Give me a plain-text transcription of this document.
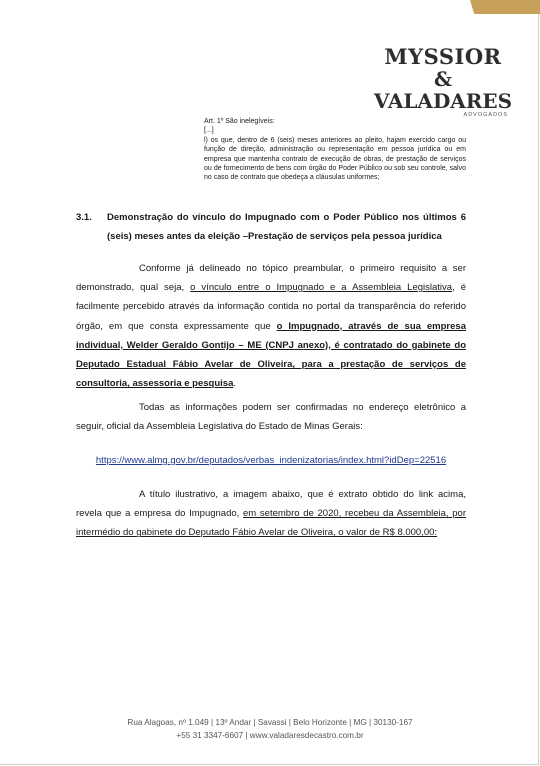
MYSSIOR
& VALADARES
ADVOGADOS

Art. 1º São inelegíveis:

[...]

l) os que, dentro de 6 (seis) meses anteriores ao pleito, hajam exercido cargo ou função de direção, administração ou representação em pessoa jurídica ou em empresa que mantenha contrato de execução de obras, de prestação de serviços ou de fornecimento de bens com órgão do Poder Público ou sob seu controle, salvo no caso de contrato que obedeça a cláusulas uniformes;

3.1. Demonstração do vínculo do Impugnado com o Poder Público nos últimos 6 (seis) meses antes da eleição –Prestação de serviços pela pessoa jurídica

Conforme já delineado no tópico preambular, o primeiro requisito a ser demonstrado, qual seja, o vínculo entre o Impugnado e a Assembleia Legislativa, é facilmente percebido através da informação contida no portal da transparência do referido órgão, em que consta expressamente que o Impugnado, através de sua empresa individual, Welder Geraldo Gontijo – ME (CNPJ anexo), é contratado do gabinete do Deputado Estadual Fábio Avelar de Oliveira, para a prestação de serviços de consultoria, assessoria e pesquisa.

Todas as informações podem ser confirmadas no endereço eletrônico a seguir, oficial da Assembleia Legislativa do Estado de Minas Gerais:

https://www.almg.gov.br/deputados/verbas_indenizatorias/index.html?idDep=22516

A título ilustrativo, a imagem abaixo, que é extrato obtido do link acima, revela que a empresa do Impugnado, em setembro de 2020, recebeu da Assembleia, por intermédio do gabinete do Deputado Fábio Avelar de Oliveira, o valor de R$ 8.000,00:

Rua Alagoas, nº 1.049 | 13º Andar | Savassi | Belo Horizonte | MG | 30130-167
+55 31 3347-6607 | www.valadaresdecastro.com.br
